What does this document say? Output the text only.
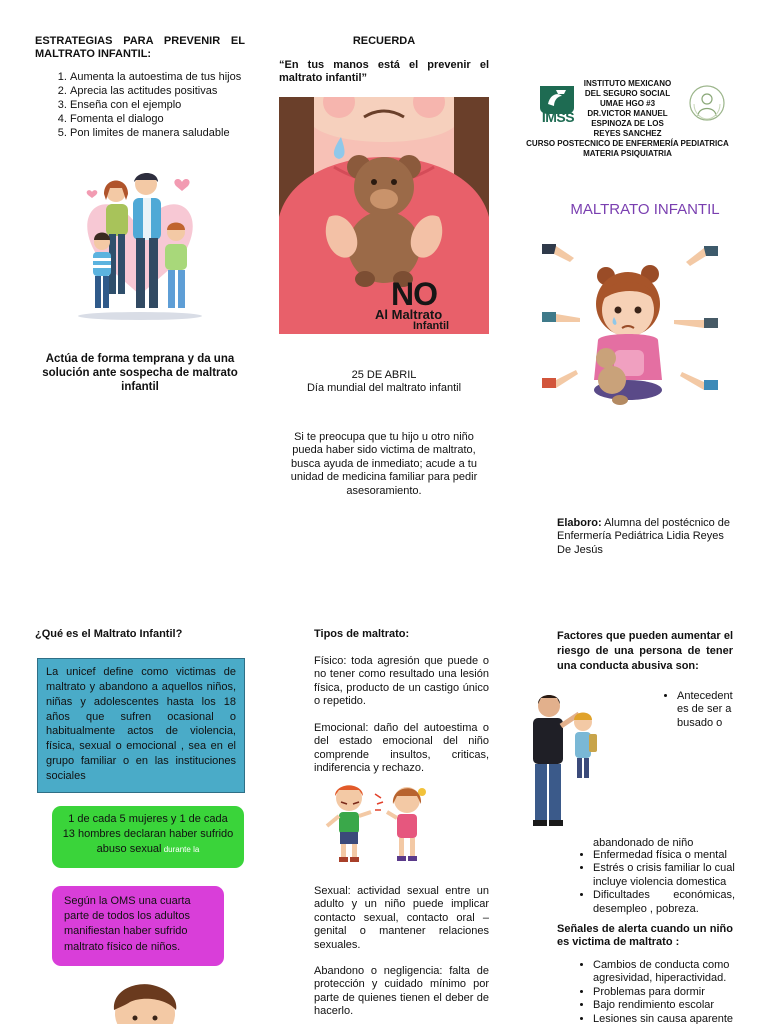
ESTRATEGIAS PARA PREVENIR EL MALTRATO INFANTIL:
1. Aumenta la autoestima de tus hijos
2. Aprecia las actitudes positivas
3. Enseña con el ejemplo
4. Fomenta el dialogo
5. Pon limites de manera saludable
Actúa de forma temprana y da una solución ante sospecha de maltrato infantil
RECUERDA
“En tus manos está el prevenir el maltrato infantil”
NO
Al Maltrato
Infantil
25 DE ABRIL
Día mundial del maltrato infantil
Si te preocupa que tu hijo u otro niño pueda haber sido victima de maltrato, busca ayuda de inmediato; acude a tu unidad de medicina familiar para pedir asesoramiento.
IMSS
INSTITUTO MEXICANO
DEL SEGURO SOCIAL
UMAE HGO #3
DR.VICTOR MANUEL
ESPINOZA DE LOS
REYES SANCHEZ
CURSO POSTECNICO DE ENFERMERÍA PEDIATRICA
MATERIA PSIQUIATRIA
MALTRATO INFANTIL
Elaboro: Alumna del postécnico de Enfermería Pediátrica Lidia Reyes De Jesús
¿Qué es el Maltrato Infantil?
La unicef define como victimas de maltrato y abandono a aquellos niños, niñas y adolescentes hasta los 18 años que sufren ocasional o habitualmente actos de violencia, física, sexual o emocional , sea en el grupo familiar o en las instituciones sociales
1 de cada 5 mujeres y 1 de cada 13 hombres declaran haber sufrido abuso sexual durante la
Según la OMS una cuarta parte de todos los adultos manifiestan haber sufrido maltrato físico de niños.
Tipos de maltrato:
Físico: toda agresión que puede o no tener como resultado una lesión física, producto de un castigo único o repetido.
Emocional: daño del autoestima o del estado emocional del niño comprende insultos, criticas, indiferencia y rechazo.
Sexual: actividad sexual entre un adulto y un niño puede implicar contacto sexual, contacto oral – genital o mantener relaciones sexuales.
Abandono o negligencia: falta de protección y cuidado mínimo por parte de quienes tienen el deber de hacerlo.
Factores que pueden aumentar el riesgo de una persona de tener una conducta abusiva son:
• Antecedentes de ser abusado o
abandonado de niño
• Enfermedad física o mental
• Estrés o crisis familiar lo cual incluye violencia domestica
• Dificultades económicas, desempleo , pobreza.
Señales de alerta cuando un niño es victima de maltrato :
• Cambios de conducta como agresividad, hiperactividad.
• Problemas para dormir
• Bajo rendimiento escolar
• Lesiones sin causa aparente
